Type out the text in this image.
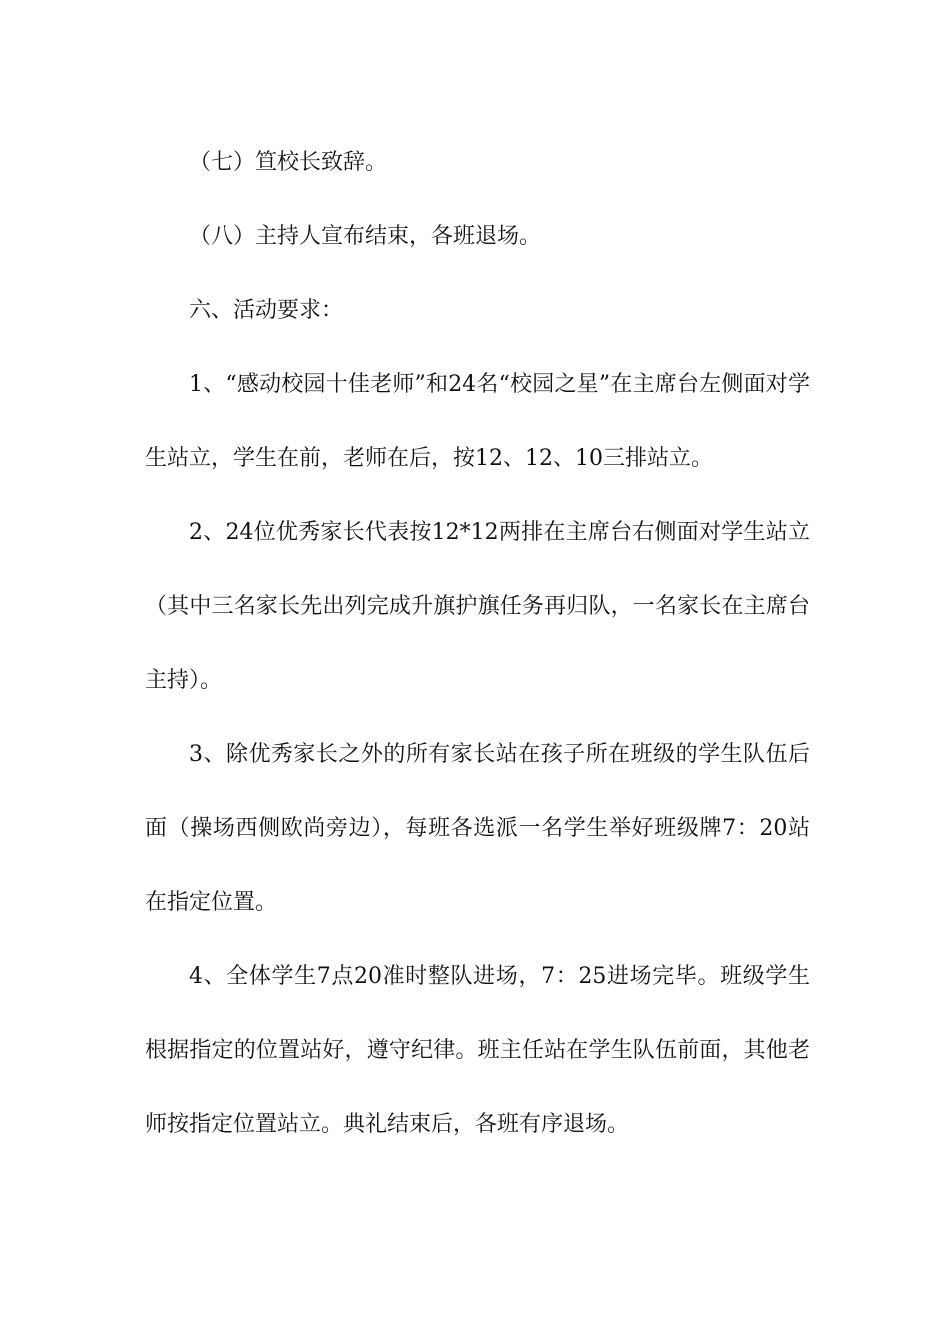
（七）笪校长致辞。

（八）主持人宣布结束，各班退场。

六、活动要求：

1、“感动校园十佳老师”和24名“校园之星”在主席台左侧面对学生站立，学生在前，老师在后，按12、12、10三排站立。

2、24位优秀家长代表按12*12两排在主席台右侧面对学生站立（其中三名家长先出列完成升旗护旗任务再归队，一名家长在主席台主持）。

3、除优秀家长之外的所有家长站在孩子所在班级的学生队伍后面（操场西侧欧尚旁边），每班各选派一名学生举好班级牌7：20站在指定位置。

4、全体学生7点20准时整队进场，7：25进场完毕。班级学生根据指定的位置站好，遵守纪律。班主任站在学生队伍前面，其他老师按指定位置站立。典礼结束后，各班有序退场。
